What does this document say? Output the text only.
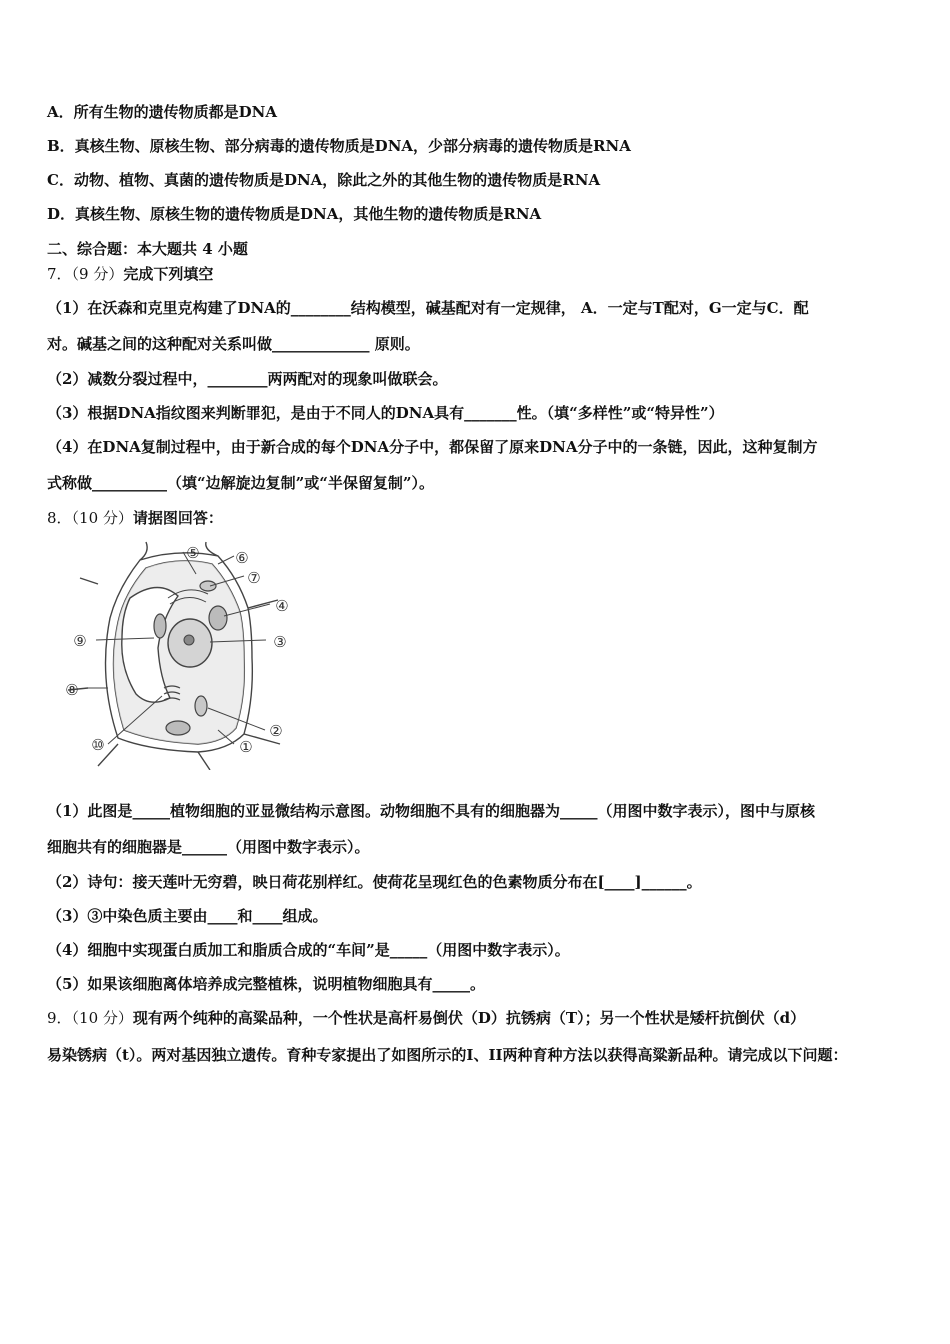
A．所有生物的遗传物质都是DNA
B．真核生物、原核生物、部分病毒的遗传物质是DNA，少部分病毒的遗传物质是RNA
C．动物、植物、真菌的遗传物质是DNA，除此之外的其他生物的遗传物质是RNA
D．真核生物、原核生物的遗传物质是DNA，其他生物的遗传物质是RNA
二、综合题：本大题共 4 小题
7．（9 分）完成下列填空
（1）在沃森和克里克构建了DNA的________结构模型，碱基配对有一定规律， A．一定与T配对，G一定与C．配
对。碱基之间的这种配对关系叫做_____________ 原则。
（2）减数分裂过程中，________两两配对的现象叫做联会。
（3）根据DNA指纹图来判断罪犯，是由于不同人的DNA具有_______性。（填“多样性”或“特异性”）
（4）在DNA复制过程中，由于新合成的每个DNA分子中，都保留了原来DNA分子中的一条链，因此，这种复制方
式称做__________（填“边解旋边复制”或“半保留复制”）。
8．（10 分）请据图回答：
①
②
③
④
⑤ ⑥
⑦
⑧
⑨
⑩
（1）此图是_____植物细胞的亚显微结构示意图。动物细胞不具有的细胞器为_____（用图中数字表示），图中与原核
细胞共有的细胞器是______（用图中数字表示）。
（2）诗句：接天莲叶无穷碧，映日荷花别样红。使荷花呈现红色的色素物质分布在[____]______。
（3）③中染色质主要由____和____组成。
（4）细胞中实现蛋白质加工和脂质合成的“车间”是_____（用图中数字表示）。
（5）如果该细胞离体培养成完整植株，说明植物细胞具有_____。
9．（10 分）现有两个纯种的高粱品种，一个性状是高杆易倒伏（D）抗锈病（T）；另一个性状是矮杆抗倒伏（d）
易染锈病（t）。两对基因独立遗传。育种专家提出了如图所示的I、II两种育种方法以获得高粱新品种。请完成以下问题：
